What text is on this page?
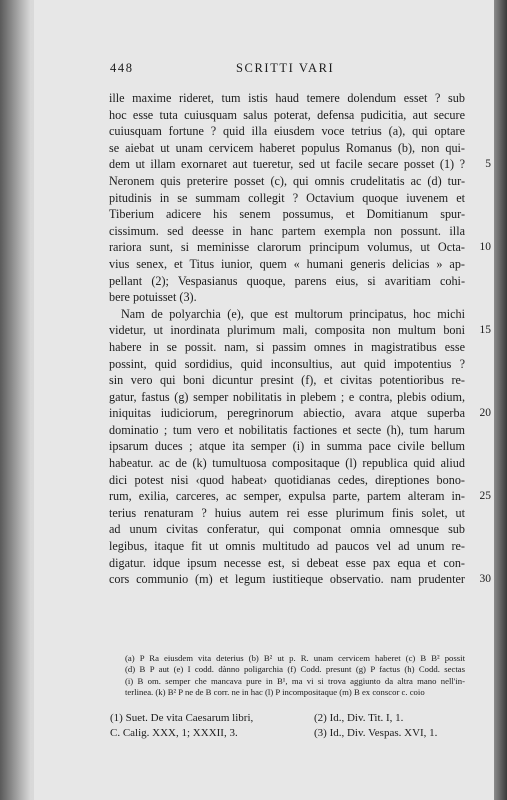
448	SCRITTI VARI
ille maxime rideret, tum istis haud temere dolendum esset ? sub
hoc esse tuta cuiusquam salus poterat, defensa pudicitia, aut secure
cuiusquam fortune ? quid illa eiusdem voce tetrius (a), qui optare
se aiebat ut unam cervicem haberet populus Romanus (b), non qui-
dem ut illam exornaret aut tueretur, sed ut facile secare posset (1) ? 5
Neronem quis preterire posset (c), qui omnis crudelitatis ac (d) tur-
pitudinis in se summam collegit ? Octavium quoque iuvenem et
Tiberium adicere his senem possumus, et Domitianum spur-
cissimum. sed deesse in hanc partem exempla non possunt. illa
rariora sunt, si meminisse clarorum principum volumus, ut Octa- 10
vius senex, et Titus iunior, quem « humani generis delicias » ap-
pellant (2); Vespasianus quoque, parens eius, si avaritiam cohi-
bere potuisset (3).
Nam de polyarchia (e), que est multorum principatus, hoc michi
videtur, ut inordinata plurimum mali, composita non multum boni 15
habere in se possit. nam, si passim omnes in magistratibus esse
possint, quid sordidius, quid inconsultius, aut quid impotentius ?
sin vero qui boni dicuntur presint (f), et civitas potentioribus re-
gatur, fastus (g) semper nobilitatis in plebem ; e contra, plebis odium,
iniquitas iudiciorum, peregrinorum abiectio, avara atque superba 20
dominatio ; tum vero et nobilitatis factiones et secte (h), tum harum
ipsarum duces ; atque ita semper (i) in summa pace civile bellum
habeatur. ac de (k) tumultuosa compositaque (l) republica quid aliud
dici potest nisi ‹quod habeat› quotidianas cedes, direptiones bono-
rum, exilia, carceres, ac semper, expulsa parte, partem alteram in- 25
terius renaturam ? huius autem rei esse plurimum finis solet, ut
ad unum civitas conferatur, qui componat omnia omnesque sub
legibus, itaque fit ut omnis multitudo ad paucos vel ad unum re-
digatur. idque ipsum necesse est, si debeat esse pax equa et con-
cors communio (m) et legum iustitieque observatio. nam prudenter 30
(a) P Ra eiusdem vita deterius (b) B² ut p. R. unam cervicem haberet (c) B B² possit
(d) B P aut (e) I codd. dànno poligarchia (f) Codd. presunt (g) P factus (h) Codd. sectas
(i) B om. semper che mancava pure in B¹, ma vi si trova aggiunto da altra mano nell'in-
terlinea. (k) B² P ne de B corr. ne in hac (l) P incompositaque (m) B ex conscor c. coio
(1) Suet. De vita Caesarum libri,	(2) Id., Div. Tit. I, 1.
C. Calig. XXX, 1; XXXII, 3.	(3) Id., Div. Vespas. XVI, 1.
